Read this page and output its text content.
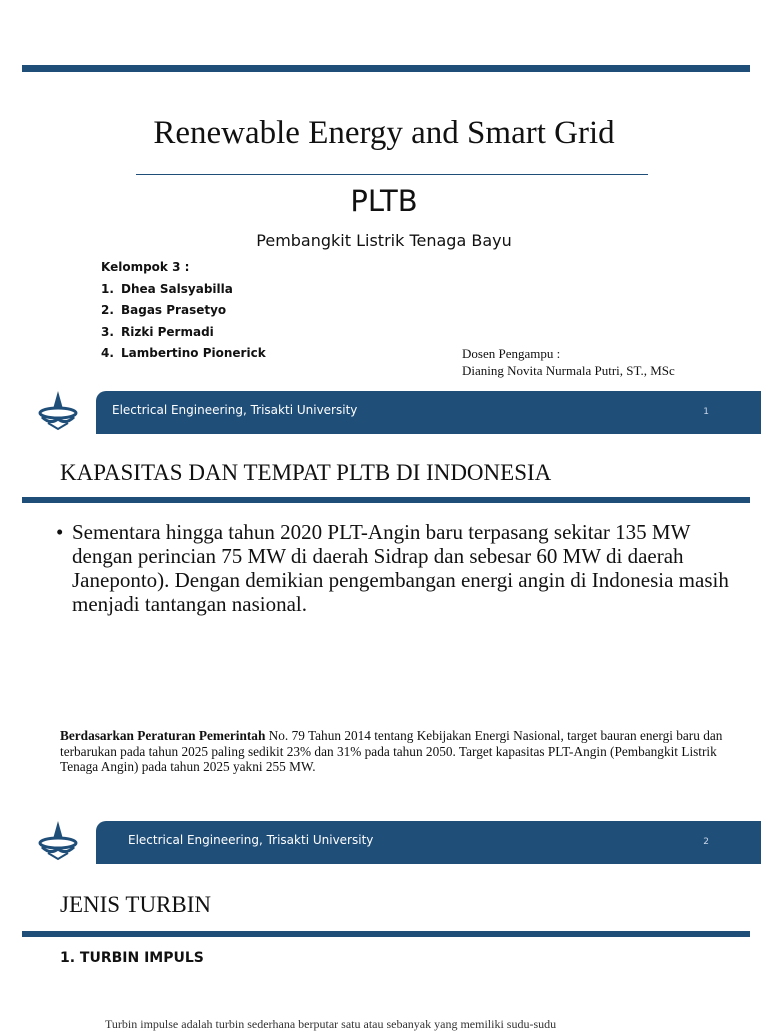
Renewable Energy and Smart Grid
PLTB
Pembangkit Listrik Tenaga Bayu
Kelompok 3 :
1. Dhea Salsyabilla
2. Bagas Prasetyo
3. Rizki Permadi
4. Lambertino Pionerick	Dosen Pengampu :
Dianing Novita Nurmala Putri, ST., MSc
Electrical Engineering, Trisakti University	1
KAPASITAS DAN TEMPAT PLTB DI INDONESIA
• Sementara hingga tahun 2020 PLT-Angin baru terpasang sekitar 135 MW dengan perincian 75 MW di daerah Sidrap dan sebesar 60 MW di daerah Janeponto). Dengan demikian pengembangan energi angin di Indonesia masih menjadi tantangan nasional.
Berdasarkan Peraturan Pemerintah No. 79 Tahun 2014 tentang Kebijakan Energi Nasional, target bauran energi baru dan terbarukan pada tahun 2025 paling sedikit 23% dan 31% pada tahun 2050. Target kapasitas PLT-Angin (Pembangkit Listrik Tenaga Angin) pada tahun 2025 yakni 255 MW.
Electrical Engineering, Trisakti University	2
JENIS TURBIN
1. TURBIN IMPULS
Turbin impulse adalah turbin sederhana berputar satu atau sebanyak yang memiliki sudu-sudu
